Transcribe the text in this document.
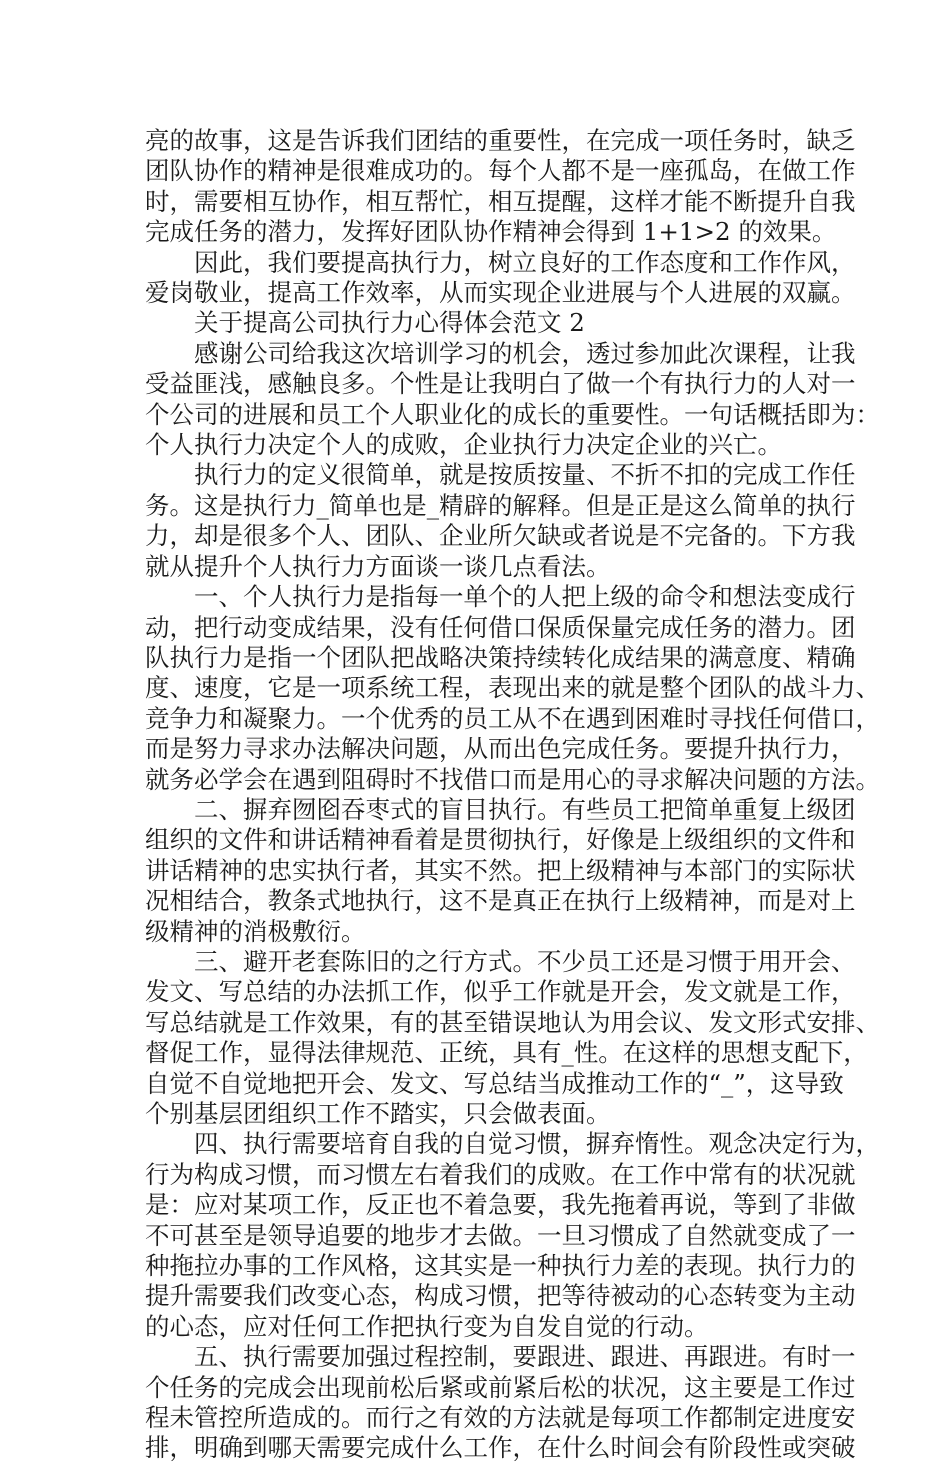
亮的故事，这是告诉我们团结的重要性，在完成一项任务时，缺乏
团队协作的精神是很难成功的。每个人都不是一座孤岛，在做工作
时，需要相互协作，相互帮忙，相互提醒，这样才能不断提升自我
完成任务的潜力，发挥好团队协作精神会得到 1+1>2 的效果。
因此，我们要提高执行力，树立良好的工作态度和工作作风，
爱岗敬业，提高工作效率，从而实现企业进展与个人进展的双赢。
关于提高公司执行力心得体会范文 2
感谢公司给我这次培训学习的机会，透过参加此次课程，让我
受益匪浅，感触良多。个性是让我明白了做一个有执行力的人对一
个公司的进展和员工个人职业化的成长的重要性。一句话概括即为：
个人执行力决定个人的成败，企业执行力决定企业的兴亡。
执行力的定义很简单，就是按质按量、不折不扣的完成工作任
务。这是执行力_简单也是_精辟的解释。但是正是这么简单的执行
力，却是很多个人、团队、企业所欠缺或者说是不完备的。下方我
就从提升个人执行力方面谈一谈几点看法。
一、个人执行力是指每一单个的人把上级的命令和想法变成行
动，把行动变成结果，没有任何借口保质保量完成任务的潜力。团
队执行力是指一个团队把战略决策持续转化成结果的满意度、精确
度、速度，它是一项系统工程，表现出来的就是整个团队的战斗力、
竞争力和凝聚力。一个优秀的员工从不在遇到困难时寻找任何借口，
而是努力寻求办法解决问题，从而出色完成任务。要提升执行力，
就务必学会在遇到阻碍时不找借口而是用心的寻求解决问题的方法。
二、摒弃囫囵吞枣式的盲目执行。有些员工把简单重复上级团
组织的文件和讲话精神看着是贯彻执行，好像是上级组织的文件和
讲话精神的忠实执行者，其实不然。把上级精神与本部门的实际状
况相结合，教条式地执行，这不是真正在执行上级精神，而是对上
级精神的消极敷衍。
三、避开老套陈旧的之行方式。不少员工还是习惯于用开会、
发文、写总结的办法抓工作，似乎工作就是开会，发文就是工作，
写总结就是工作效果，有的甚至错误地认为用会议、发文形式安排、
督促工作，显得法律规范、正统，具有_性。在这样的思想支配下，
自觉不自觉地把开会、发文、写总结当成推动工作的“_”，这导致
个别基层团组织工作不踏实，只会做表面。
四、执行需要培育自我的自觉习惯，摒弃惰性。观念决定行为，
行为构成习惯，而习惯左右着我们的成败。在工作中常有的状况就
是：应对某项工作，反正也不着急要，我先拖着再说，等到了非做
不可甚至是领导追要的地步才去做。一旦习惯成了自然就变成了一
种拖拉办事的工作风格，这其实是一种执行力差的表现。执行力的
提升需要我们改变心态，构成习惯，把等待被动的心态转变为主动
的心态，应对任何工作把执行变为自发自觉的行动。
五、执行需要加强过程控制，要跟进、跟进、再跟进。有时一
个任务的完成会出现前松后紧或前紧后松的状况，这主要是工作过
程未管控所造成的。而行之有效的方法就是每项工作都制定进度安
排，明确到哪天需要完成什么工作，在什么时间会有阶段性或突破
